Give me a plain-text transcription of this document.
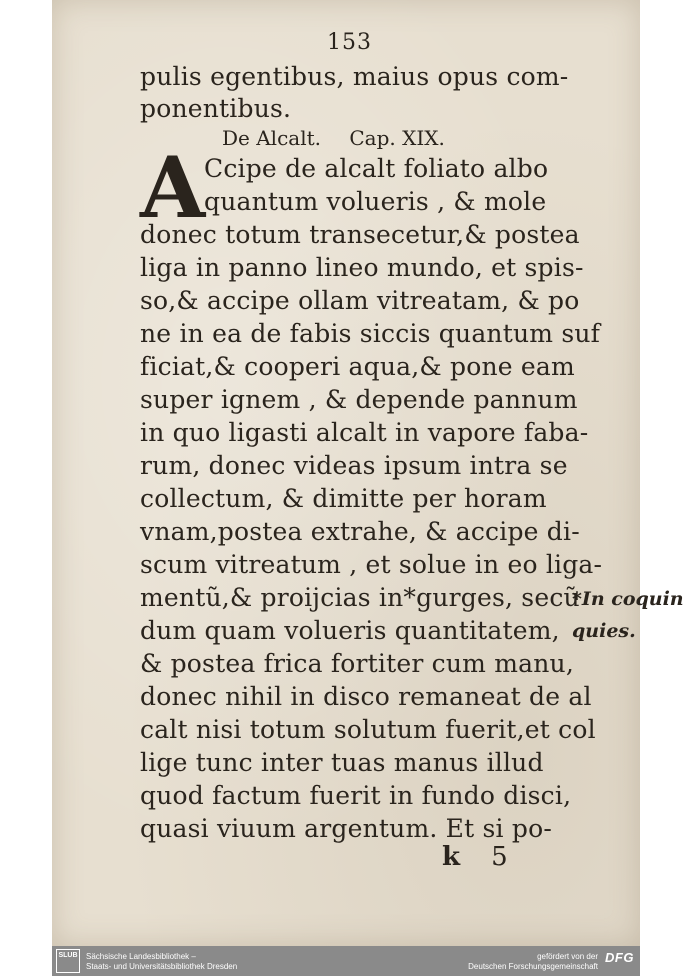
153
pulis egentibus, maius opus com-
ponentibus.
De Alcalt. Cap. XIX.
A
Ccipe de alcalt foliato albo
quantum volueris , & mole
donec totum transecetur,& postea
liga in panno lineo mundo, et spis-
so,& accipe ollam vitreatam, & po
ne in ea de fabis siccis quantum suf
ficiat,& cooperi aqua,& pone eam
super ignem , & depende pannum
in quo ligasti alcalt in vapore faba-
rum, donec videas ipsum intra se
collectum, & dimitte per horam
vnam,postea extrahe, & accipe di-
scum vitreatum , et solue in eo liga-
mentũ,& proijcias in*gurges, secũ
dum quam volueris quantitatem,
& postea frica fortiter cum manu,
donec nihil in disco remaneat de al
calt nisi totum solutum fuerit,et col
lige tunc inter tuas manus illud
quod factum fuerit in fundo disci,
quasi viuum argentum. Et si po-
*In coquin
quies.
k 5
SLUB	Sächsische Landesbibliothek –
Staats- und Universitätsbibliothek Dresden
gefördert von der
Deutschen Forschungsgemeinschaft
DFG
